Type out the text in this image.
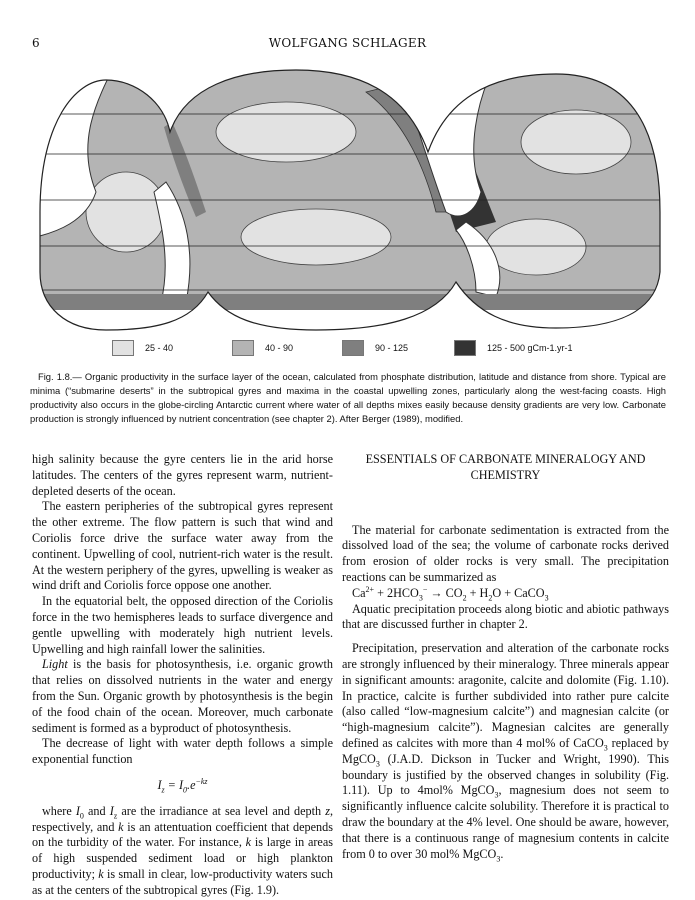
6	WOLFGANG SCHLAGER
25 - 40	40 - 90	90 - 125	125 - 500 gCm-1.yr-1
Fig. 1.8.— Organic productivity in the surface layer of the ocean, calculated from phosphate distribution, latitude and distance from shore. Typical are minima (“submarine deserts” in the subtropical gyres and maxima in the coastal upwelling zones, particularly along the west-facing coasts. High productivity also occurs in the globe-circling Antarctic current where water of all depths mixes easily because density gradients are very low. Carbonate production is strongly influenced by nutrient concentration (see chapter 2). After Berger (1989), modified.

high salinity because the gyre centers lie in the arid horse latitudes. The centers of the gyres represent warm, nutrient-depleted deserts of the ocean.

The eastern peripheries of the subtropical gyres represent the other extreme. The flow pattern is such that wind and Coriolis force drive the surface water away from the continent. Upwelling of cool, nutrient-rich water is the result. At the western periphery of the gyres, upwelling is weaker as wind drift and Coriolis force oppose one another.

In the equatorial belt, the opposed direction of the Coriolis force in the two hemispheres leads to surface divergence and gentle upwelling with moderately high nutrient levels. Upwelling and high rainfall lower the salinities.

Light is the basis for photosynthesis, i.e. organic growth that relies on dissolved nutrients in the water and energy from the Sun. Organic growth by photosynthesis is the begin of the food chain of the ocean. Moreover, much carbonate sediment is formed as a byproduct of photosynthesis.

The decrease of light with water depth follows a simple exponential function

$I_z = I_0.e^{-kz}$

where $I_0$ and $I_z$ are the irradiance at sea level and depth z, respectively, and k is an attentuation coefficient that depends on the turbidity of the water. For instance, k is large in areas of high suspended sediment load or high plankton productivity; k is small in clear, low-productivity waters such as at the centers of the subtropical gyres (Fig. 1.9).

ESSENTIALS OF CARBONATE MINERALOGY AND CHEMISTRY

The material for carbonate sedimentation is extracted from the dissolved load of the sea; the volume of carbonate rocks derived from erosion of older rocks is very small. The precipitation reactions can be summarized as

$Ca^{2+} + 2HCO_3^- \to CO_2 + H_2O$ + CaCO$_3$

Aquatic precipitation proceeds along biotic and abiotic pathways that are discussed further in chapter 2.

Precipitation, preservation and alteration of the carbonate rocks are strongly influenced by their mineralogy. Three minerals appear in significant amounts: aragonite, calcite and dolomite (Fig. 1.10). In practice, calcite is further subdivided into rather pure calcite (also called “low-magnesium calcite”) and magnesian calcite (or “high-magnesium calcite”). Magnesian calcites are generally defined as calcites with more than 4 mol% of CaCO$_3$ replaced by MgCO$_3$ (J.A.D. Dickson in Tucker and Wright, 1990). This boundary is justified by the observed changes in solubility (Fig. 1.11). Up to 4mol% MgCO$_3$, magnesium does not seem to significantly influence calcite solubility. Therefore it is practical to draw the boundary at the 4% level. One should be aware, however, that there is a continuous range of magnesium contents in calcite from 0 to over 30 mol% MgCO$_3$.
